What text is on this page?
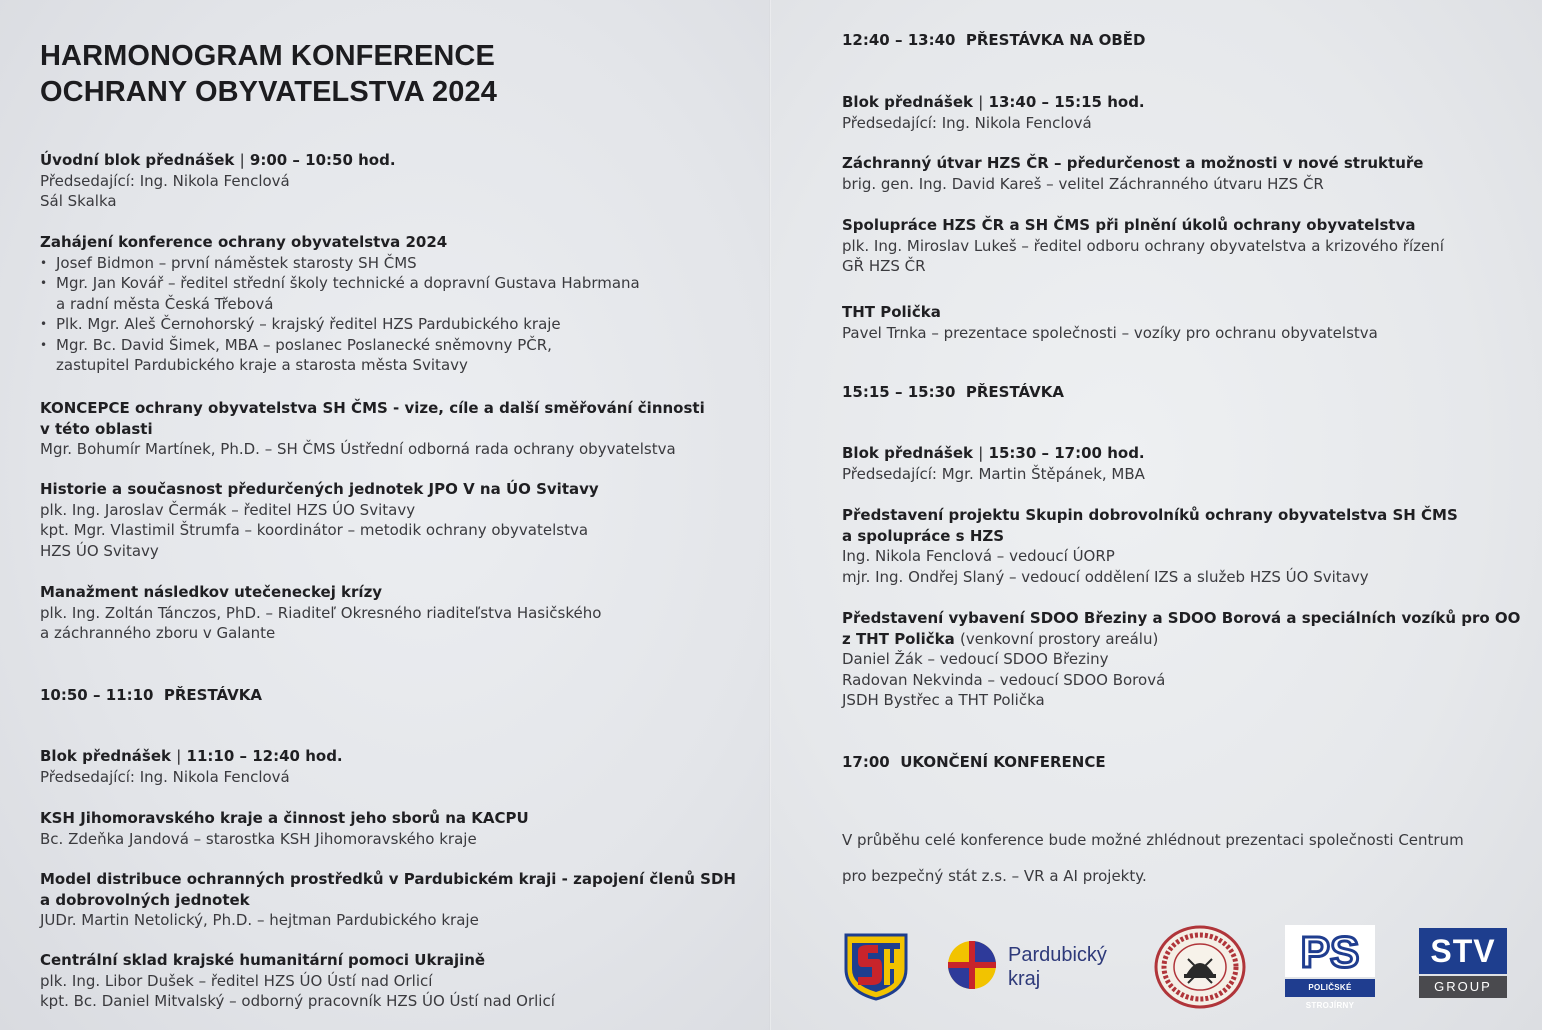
HARMONOGRAM KONFERENCE
OCHRANY OBYVATELSTVA 2024

Úvodní blok přednášek | 9:00 – 10:50 hod.

Předsedající: Ing. Nikola Fenclová

Sál Skalka

Zahájení konference ochrany obyvatelstva 2024

• Josef Bidmon – první náměstek starosty SH ČMS
• Mgr. Jan Kovář – ředitel střední školy technické a dopravní Gustava Habrmana
a radní města Česká Třebová
• Plk. Mgr. Aleš Černohorský – krajský ředitel HZS Pardubického kraje
• Mgr. Bc. David Šimek, MBA – poslanec Poslanecké sněmovny PČR,
zastupitel Pardubického kraje a starosta města Svitavy

KONCEPCE ochrany obyvatelstva SH ČMS - vize, cíle a další směřování činnosti
v této oblasti

Mgr. Bohumír Martínek, Ph.D. – SH ČMS Ústřední odborná rada ochrany obyvatelstva

Historie a současnost předurčených jednotek JPO V na ÚO Svitavy

plk. Ing. Jaroslav Čermák – ředitel HZS ÚO Svitavy

kpt. Mgr. Vlastimil Štrumfa – koordinátor – metodik ochrany obyvatelstva

HZS ÚO Svitavy

Manažment následkov utečeneckej krízy

plk. Ing. Zoltán Tánczos, PhD. – Riaditeľ Okresného riaditeľstva Hasičského

a záchranného zboru v Galante

10:50 – 11:10 PŘESTÁVKA

Blok přednášek | 11:10 – 12:40 hod.

Předsedající: Ing. Nikola Fenclová

KSH Jihomoravského kraje a činnost jeho sborů na KACPU

Bc. Zdeňka Jandová – starostka KSH Jihomoravského kraje

Model distribuce ochranných prostředků v Pardubickém kraji - zapojení členů SDH
a dobrovolných jednotek

JUDr. Martin Netolický, Ph.D. – hejtman Pardubického kraje

Centrální sklad krajské humanitární pomoci Ukrajině

plk. Ing. Libor Dušek – ředitel HZS ÚO Ústí nad Orlicí

kpt. Bc. Daniel Mitvalský – odborný pracovník HZS ÚO Ústí nad Orlicí

12:40 – 13:40 PŘESTÁVKA NA OBĚD

Blok přednášek | 13:40 – 15:15 hod.

Předsedající: Ing. Nikola Fenclová

Záchranný útvar HZS ČR – předurčenost a možnosti v nové struktuře

brig. gen. Ing. David Kareš – velitel Záchranného útvaru HZS ČR

Spolupráce HZS ČR a SH ČMS při plnění úkolů ochrany obyvatelstva

plk. Ing. Miroslav Lukeš – ředitel odboru ochrany obyvatelstva a krizového řízení

GŘ HZS ČR

THT Polička

Pavel Trnka – prezentace společnosti – vozíky pro ochranu obyvatelstva

15:15 – 15:30 PŘESTÁVKA

Blok přednášek | 15:30 – 17:00 hod.

Předsedající: Mgr. Martin Štěpánek, MBA

Představení projektu Skupin dobrovolníků ochrany obyvatelstva SH ČMS
a spolupráce s HZS

Ing. Nikola Fenclová – vedoucí ÚORP

mjr. Ing. Ondřej Slaný – vedoucí oddělení IZS a služeb HZS ÚO Svitavy

Představení vybavení SDOO Březiny a SDOO Borová a speciálních vozíků pro OO

z THT Polička (venkovní prostory areálu)

Daniel Žák – vedoucí SDOO Březiny

Radovan Nekvinda – vedoucí SDOO Borová

JSDH Bystřec a THT Polička

17:00 UKONČENÍ KONFERENCE

V průběhu celé konference bude možné zhlédnout prezentaci společnosti Centrum

pro bezpečný stát z.s. – VR a AI projekty.

Pardubický
kraj
PS
POLIČSKÉ STROJÍRNY
STV
GROUP
